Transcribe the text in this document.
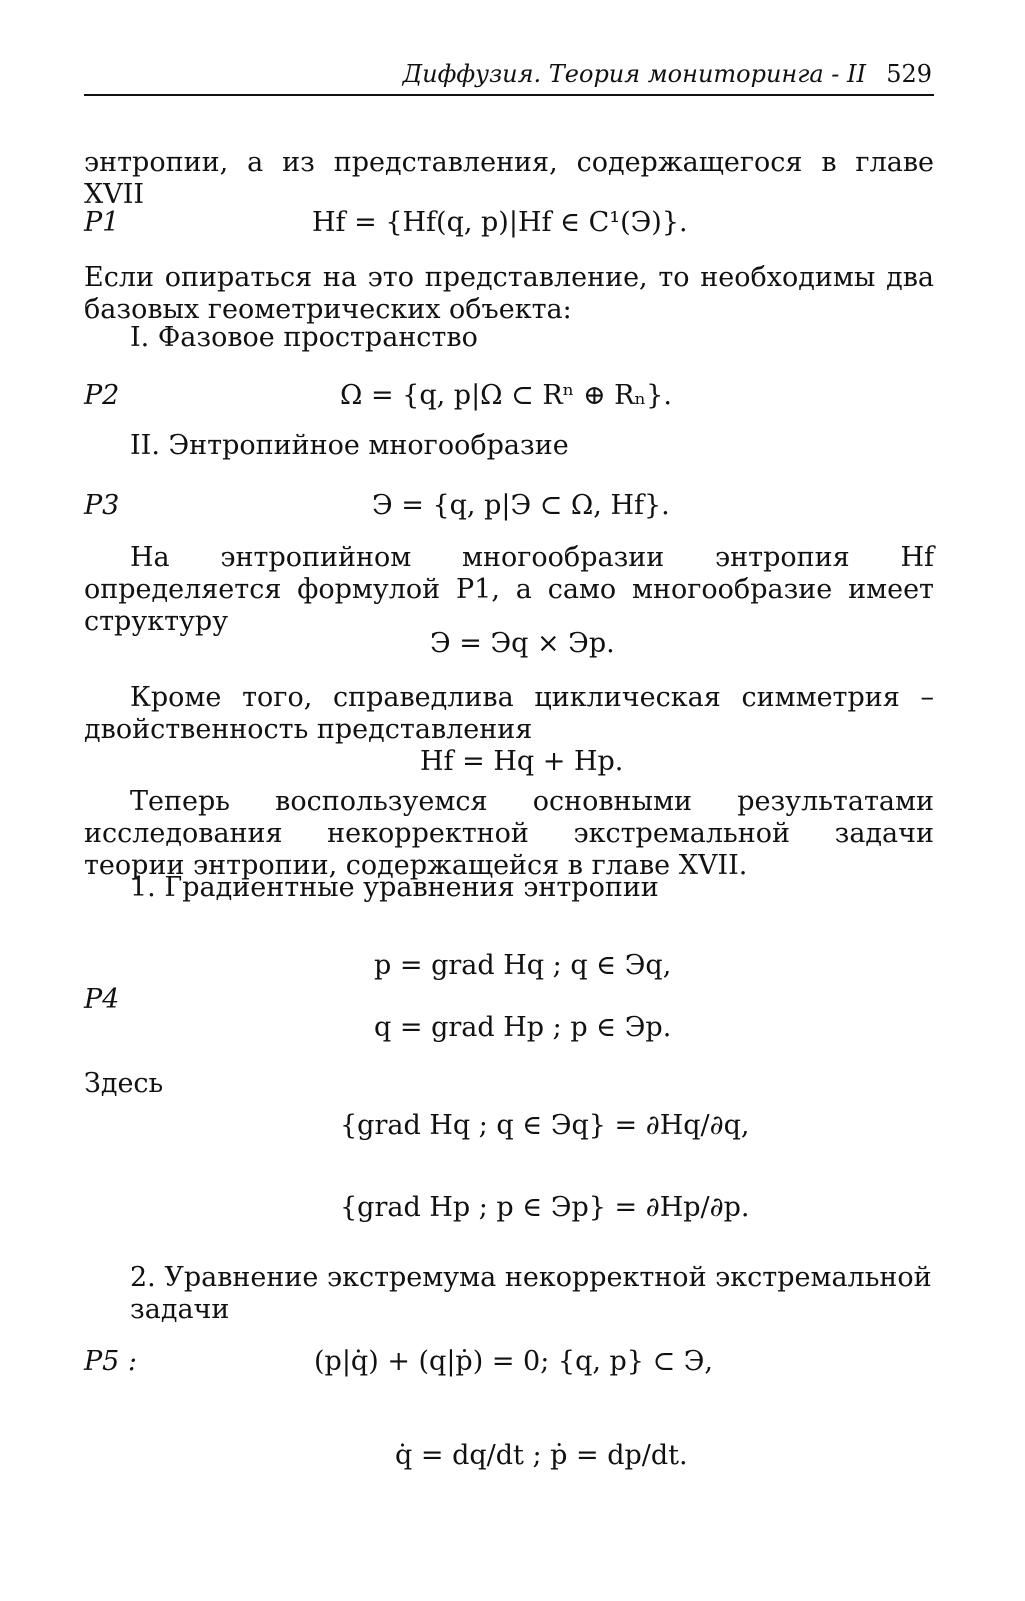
Диффузия. Теория мониторинга - II 529
энтропии, а из представления, содержащегося в главе XVII
P1	Hf = {Hf(q, p)|Hf ∈ C¹(Э)}.
Если опираться на это представление, то необходимы два базовых геометрических объекта:
I. Фазовое пространство
P2	Ω = {q, p|Ω ⊂ Rⁿ ⊕ Rₙ}.
II. Энтропийное многообразие
P3	Э = {q, p|Э ⊂ Ω, Hf}.
На энтропийном многообразии энтропия Hf определяется формулой P1, а само многообразие имеет структуру
Э = Эq × Эp.
Кроме того, справедлива циклическая симметрия – двойственность представления
Hf = Hq + Hp.
Теперь воспользуемся основными результатами исследования некорректной экстремальной задачи теории энтропии, содержащейся в главе XVII.
1. Градиентные уравнения энтропии
p = grad Hq ; q ∈ Эq,
P4
q = grad Hp ; p ∈ Эp.
Здесь
{grad Hq ; q ∈ Эq} = ∂Hq/∂q,
{grad Hp ; p ∈ Эp} = ∂Hp/∂p.
2. Уравнение экстремума некорректной экстремальной задачи
P5 :	(p|q̇) + (q|ṗ) = 0; {q, p} ⊂ Э,
q̇ = dq/dt ; ṗ = dp/dt.
